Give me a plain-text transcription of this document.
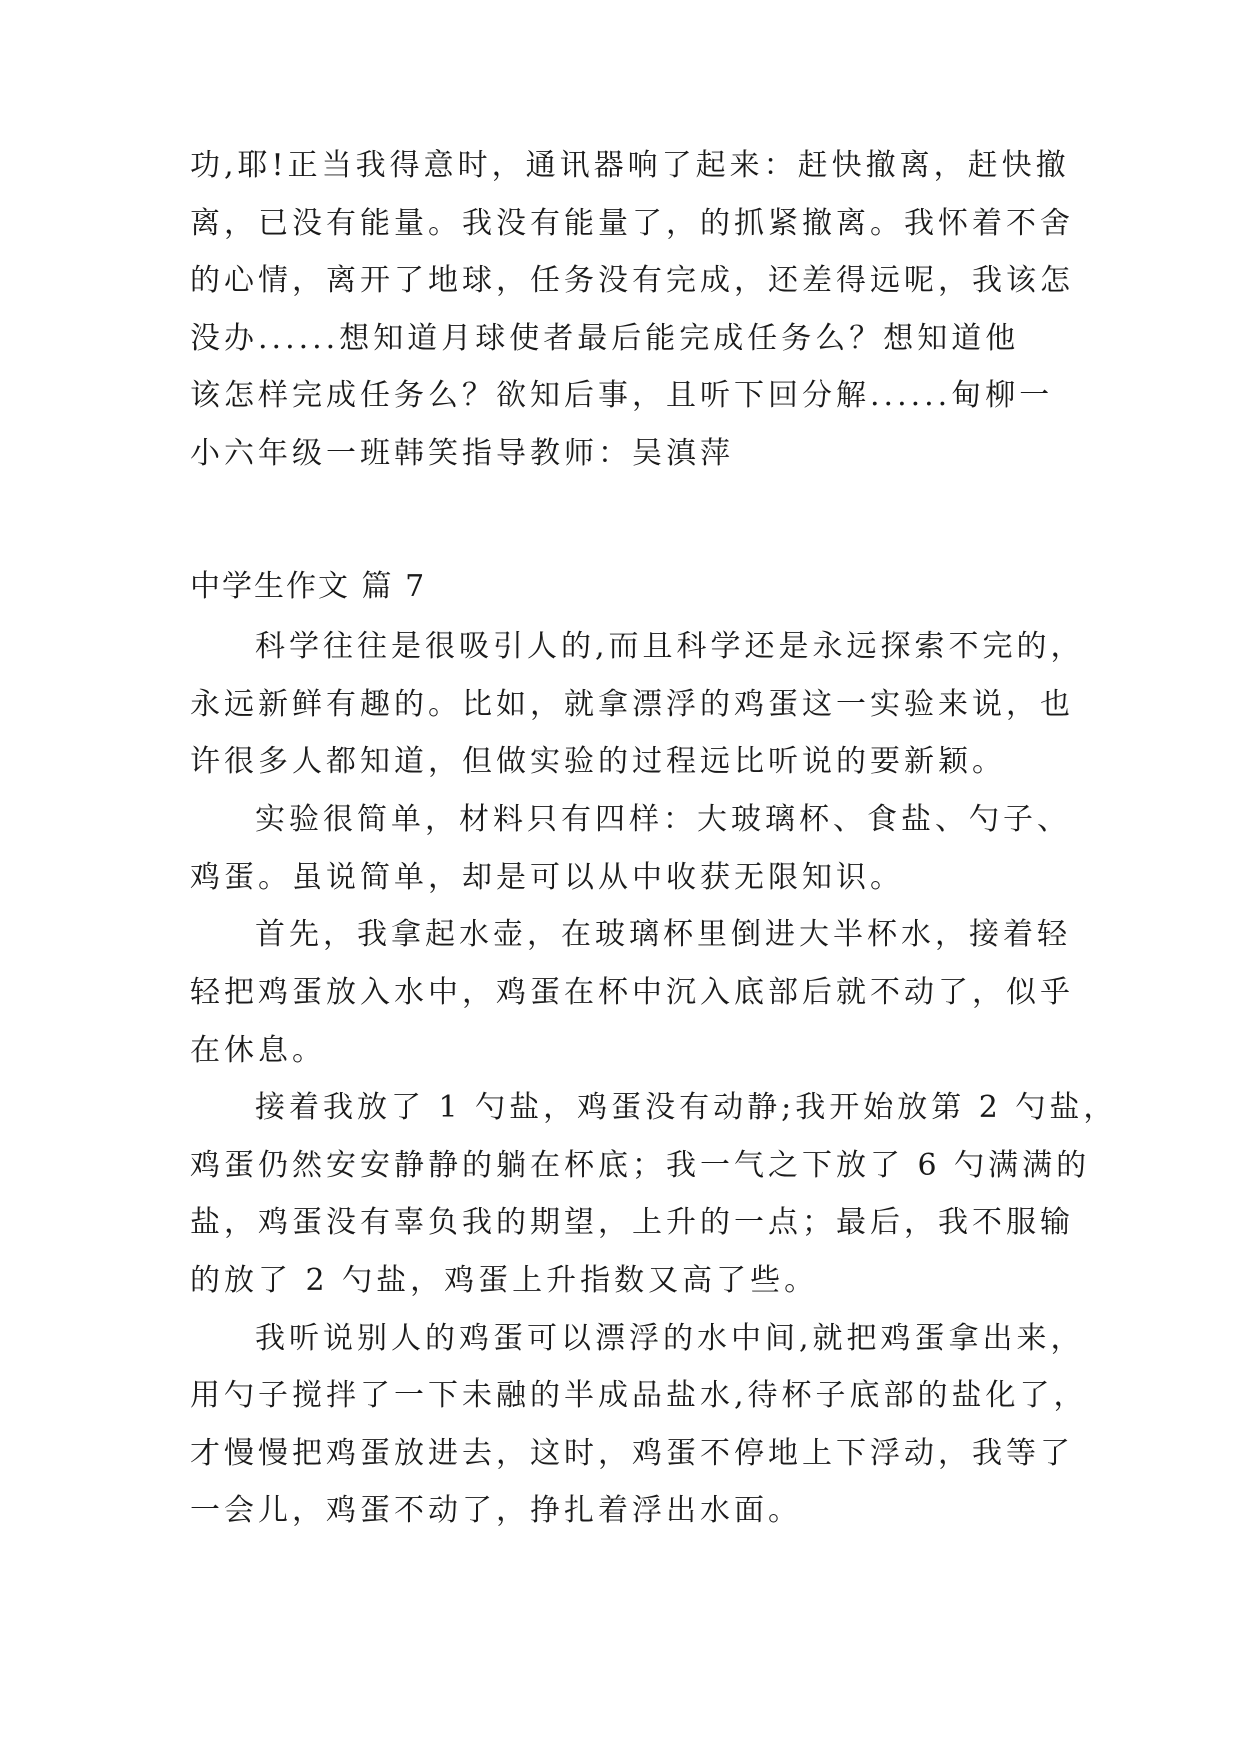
功,耶!正当我得意时，通讯器响了起来：赶快撤离，赶快撤
离，已没有能量。我没有能量了，的抓紧撤离。我怀着不舍
的心情，离开了地球，任务没有完成，还差得远呢，我该怎
没办......想知道月球使者最后能完成任务么？想知道他
该怎样完成任务么？欲知后事，且听下回分解......甸柳一
小六年级一班韩笑指导教师：吴滇萍
中学生作文 篇 7
科学往往是很吸引人的,而且科学还是永远探索不完的，
永远新鲜有趣的。比如，就拿漂浮的鸡蛋这一实验来说，也
许很多人都知道，但做实验的过程远比听说的要新颖。
实验很简单，材料只有四样：大玻璃杯、食盐、勺子、
鸡蛋。虽说简单，却是可以从中收获无限知识。
首先，我拿起水壶，在玻璃杯里倒进大半杯水，接着轻
轻把鸡蛋放入水中，鸡蛋在杯中沉入底部后就不动了，似乎
在休息。
接着我放了 1 勺盐，鸡蛋没有动静;我开始放第 2 勺盐，
鸡蛋仍然安安静静的躺在杯底；我一气之下放了 6 勺满满的
盐，鸡蛋没有辜负我的期望，上升的一点；最后，我不服输
的放了 2 勺盐，鸡蛋上升指数又高了些。
我听说别人的鸡蛋可以漂浮的水中间,就把鸡蛋拿出来，
用勺子搅拌了一下未融的半成品盐水,待杯子底部的盐化了，
才慢慢把鸡蛋放进去，这时，鸡蛋不停地上下浮动，我等了
一会儿，鸡蛋不动了，挣扎着浮出水面。
